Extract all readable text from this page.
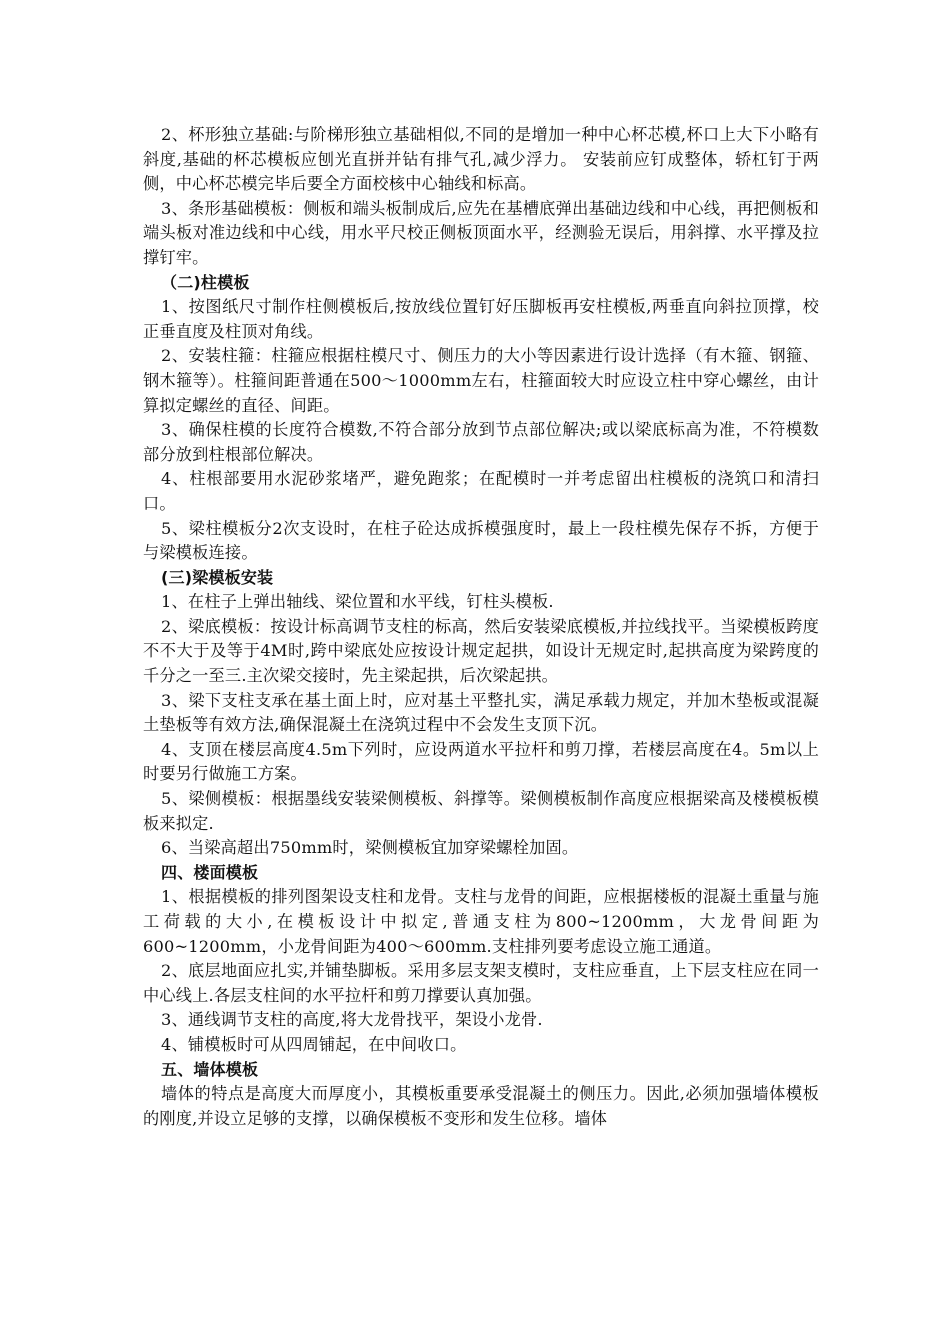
2、杯形独立基础:与阶梯形独立基础相似,不同的是增加一种中心杯芯模,杯口上大下小略有斜度,基础的杯芯模板应刨光直拼并钻有排气孔,减少浮力。 安装前应钉成整体，轿杠钉于两侧，中心杯芯模完毕后要全方面校核中心轴线和标高。

3、条形基础模板：侧板和端头板制成后,应先在基槽底弹出基础边线和中心线，再把侧板和端头板对准边线和中心线，用水平尺校正侧板顶面水平，经测验无误后，用斜撑、水平撑及拉撑钉牢。

（二)柱模板

1、按图纸尺寸制作柱侧模板后,按放线位置钉好压脚板再安柱模板,两垂直向斜拉顶撑，校正垂直度及柱顶对角线。

2、安装柱箍：柱箍应根据柱模尺寸、侧压力的大小等因素进行设计选择（有木箍、钢箍、钢木箍等）。柱箍间距普通在500～1000mm左右，柱箍面较大时应设立柱中穿心螺丝，由计算拟定螺丝的直径、间距。

3、确保柱模的长度符合模数,不符合部分放到节点部位解决;或以梁底标高为准，不符模数部分放到柱根部位解决。

4、柱根部要用水泥砂浆堵严，避免跑浆；在配模时一并考虑留出柱模板的浇筑口和清扫口。

5、梁柱模板分2次支设时，在柱子砼达成拆模强度时，最上一段柱模先保存不拆，方便于与梁模板连接。

(三)梁模板安装

1、在柱子上弹出轴线、梁位置和水平线，钉柱头模板.

2、梁底模板：按设计标高调节支柱的标高，然后安装梁底模板,并拉线找平。当梁模板跨度不不大于及等于4M时,跨中梁底处应按设计规定起拱，如设计无规定时,起拱高度为梁跨度的千分之一至三.主次梁交接时，先主梁起拱，后次梁起拱。

3、梁下支柱支承在基土面上时，应对基土平整扎实，满足承载力规定，并加木垫板或混凝土垫板等有效方法,确保混凝土在浇筑过程中不会发生支顶下沉。

4、支顶在楼层高度4.5m下列时，应设两道水平拉杆和剪刀撑，若楼层高度在4。5m以上时要另行做施工方案。

5、梁侧模板：根据墨线安装梁侧模板、斜撑等。梁侧模板制作高度应根据梁高及楼模板模板来拟定.

6、当梁高超出750mm时，梁侧模板宜加穿梁螺栓加固。

四、楼面模板

1、根据模板的排列图架设支柱和龙骨。支柱与龙骨的间距，应根据楼板的混凝土重量与施工荷载的大小,在模板设计中拟定,普通支柱为800~1200mm，大龙骨间距为600~1200mm，小龙骨间距为400～600mm.支柱排列要考虑设立施工通道。

2、底层地面应扎实,并铺垫脚板。采用多层支架支模时，支柱应垂直，上下层支柱应在同一中心线上.各层支柱间的水平拉杆和剪刀撑要认真加强。

3、通线调节支柱的高度,将大龙骨找平，架设小龙骨.

4、铺模板时可从四周铺起，在中间收口。

五、墙体模板

墙体的特点是高度大而厚度小，其模板重要承受混凝土的侧压力。因此,必须加强墙体模板的刚度,并设立足够的支撑，以确保模板不变形和发生位移。墙体
